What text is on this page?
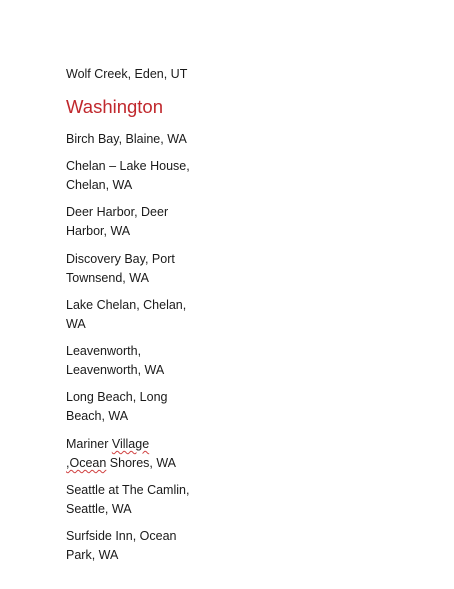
Wolf Creek, Eden, UT

Washington

Birch Bay, Blaine, WA

Chelan – Lake House,
Chelan, WA

Deer Harbor, Deer
Harbor, WA

Discovery Bay, Port
Townsend, WA

Lake Chelan, Chelan,
WA

Leavenworth,
Leavenworth, WA

Long Beach, Long
Beach, WA

Mariner Village
,Ocean Shores, WA

Seattle at The Camlin,
Seattle, WA

Surfside Inn, Ocean
Park, WA
